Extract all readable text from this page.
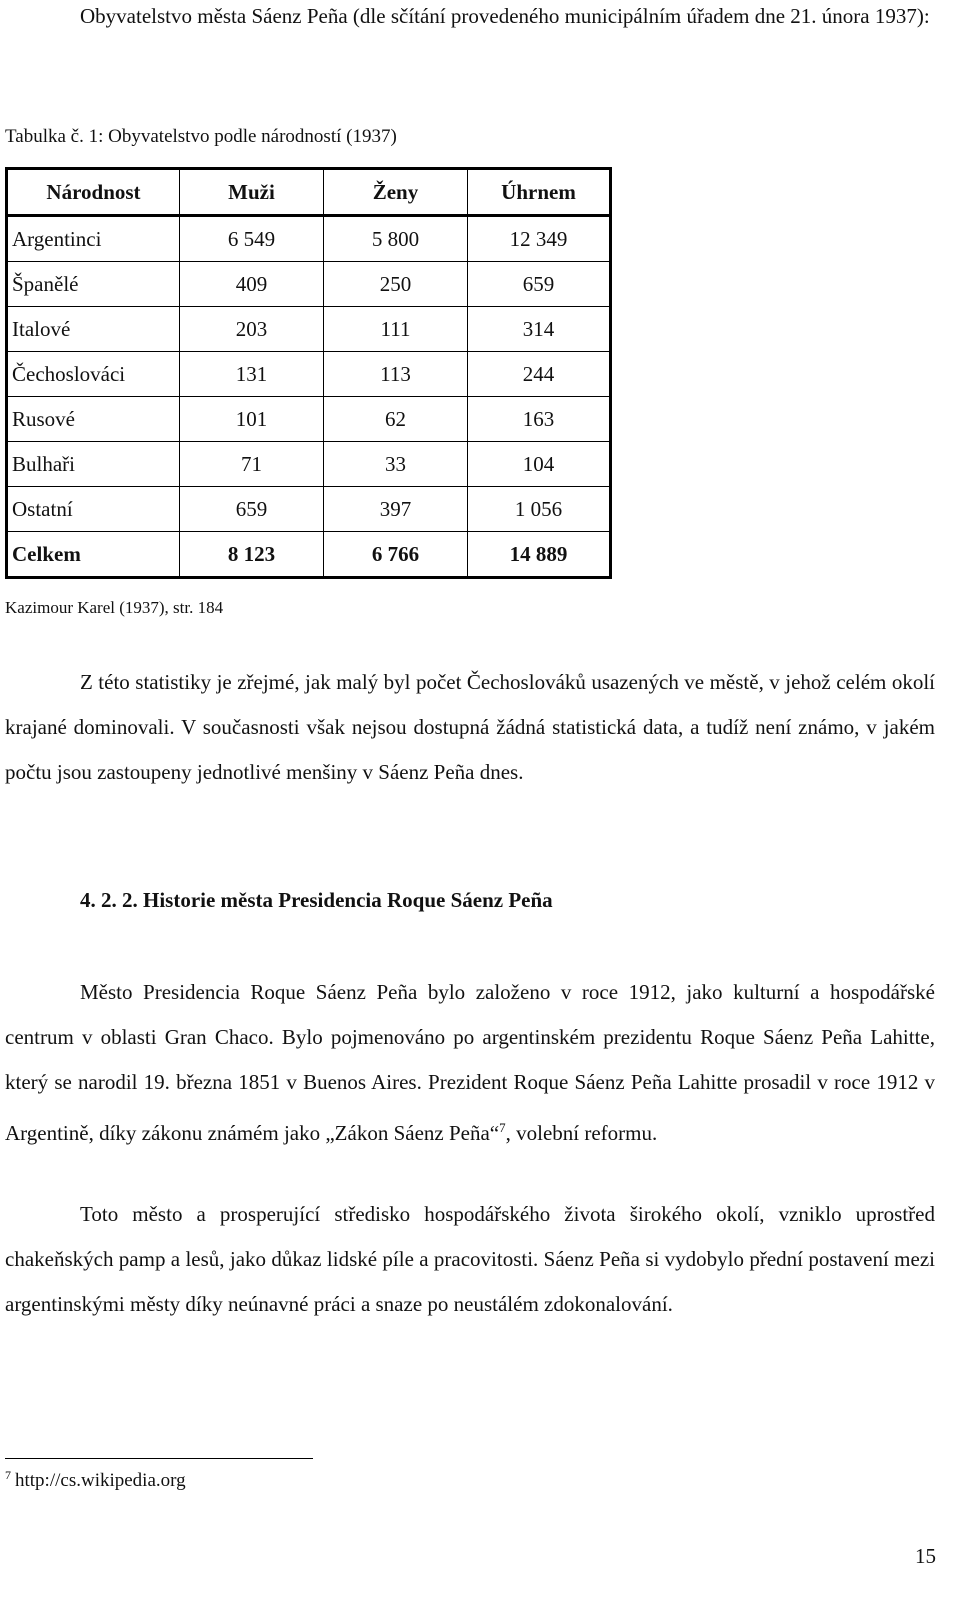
Obyvatelstvo města Sáenz Peña (dle sčítání provedeného municipálním úřadem dne 21. února 1937):

Tabulka č. 1: Obyvatelstvo podle národností (1937)
Národnost	Muži	Ženy	Úhrnem
Argentinci	6 549	5 800	12 349
Španělé	409	250	659
Italové	203	111	314
Čechoslováci	131	113	244
Rusové	101	62	163
Bulhaři	71	33	104
Ostatní	659	397	1 056
Celkem	8 123	6 766	14 889
Kazimour Karel (1937), str. 184

Z této statistiky je zřejmé, jak malý byl počet Čechoslováků usazených ve městě, v jehož celém okolí krajané dominovali. V současnosti však nejsou dostupná žádná statistická data, a tudíž není známo, v jakém počtu jsou zastoupeny jednotlivé menšiny v Sáenz Peña dnes.

4. 2. 2. Historie města Presidencia Roque Sáenz Peña

Město Presidencia Roque Sáenz Peña bylo založeno v roce 1912, jako kulturní a hospodářské centrum v oblasti Gran Chaco. Bylo pojmenováno po argentinském prezidentu Roque Sáenz Peña Lahitte, který se narodil 19. března 1851 v Buenos Aires. Prezident Roque Sáenz Peña Lahitte prosadil v roce 1912 v Argentině, díky zákonu známém jako „Zákon Sáenz Peña“$^7$, volební reformu.

Toto město a prosperující středisko hospodářského života širokého okolí, vzniklo uprostřed chakeňských pamp a lesů, jako důkaz lidské píle a pracovitosti. Sáenz Peña si vydobylo přední postavení mezi argentinskými městy díky neúnavné práci a snaze po neustálém zdokonalování.

$^7$ http://cs.wikipedia.org
15
